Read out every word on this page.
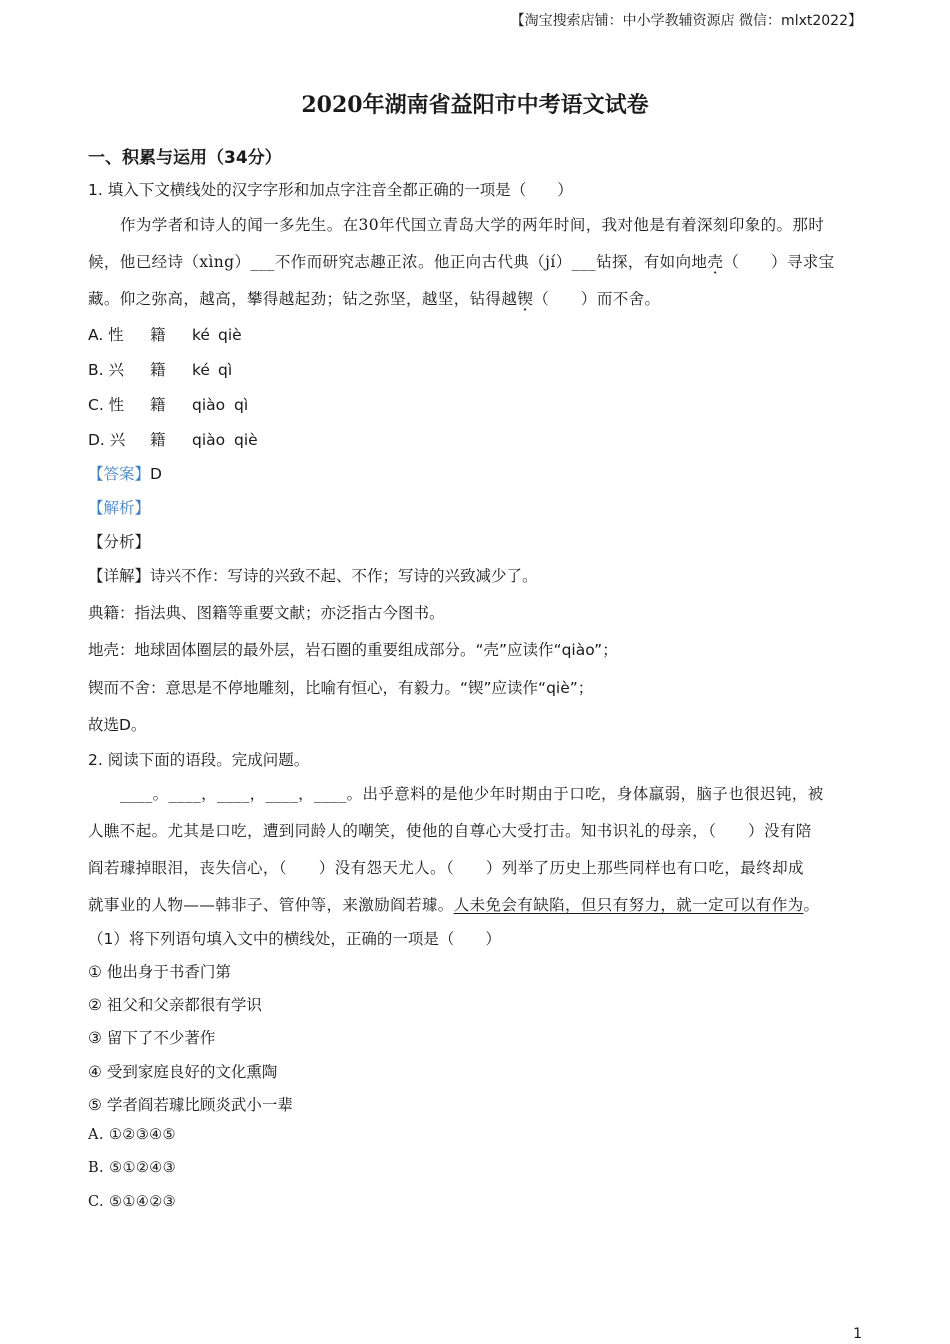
【淘宝搜索店铺：中小学教辅资源店 微信：mlxt2022】
2020年湖南省益阳市中考语文试卷
一、积累与运用（34分）
1. 填入下文横线处的汉字字形和加点字注音全都正确的一项是（　　）
作为学者和诗人的闻一多先生。在30年代国立青岛大学的两年时间，我对他是有着深刻印象的。那时
候，他已经诗（xìng）___不作而研究志趣正浓。他正向古代典（jí）___钻探，有如向地壳（　　）寻求宝
藏。仰之弥高，越高，攀得越起劲；钻之弥坚，越坚，钻得越锲（　　）而不舍。
A. 性 籍 ké qiè
B. 兴 籍 ké qì
C. 性 籍 qiào qì
D. 兴 籍 qiào qiè
【答案】D
【解析】
【分析】
【详解】诗兴不作：写诗的兴致不起、不作；写诗的兴致减少了。
典籍：指法典、图籍等重要文献；亦泛指古今图书。
地壳：地球固体圈层的最外层，岩石圈的重要组成部分。“壳”应读作“qiào”；
锲而不舍：意思是不停地雕刻，比喻有恒心，有毅力。“锲”应读作“qiè”；
故选D。
2. 阅读下面的语段。完成问题。
____。____，____，____，____。出乎意料的是他少年时期由于口吃，身体羸弱，脑子也很迟钝，被
人瞧不起。尤其是口吃，遭到同龄人的嘲笑，使他的自尊心大受打击。知书识礼的母亲，（　　）没有陪
阎若璩掉眼泪，丧失信心，（　　）没有怨天尤人。（　　）列举了历史上那些同样也有口吃，最终却成
就事业的人物——韩非子、管仲等，来激励阎若璩。人未免会有缺陷，但只有努力，就一定可以有作为。
（1）将下列语句填入文中的横线处，正确的一项是（　　）
① 他出身于书香门第
② 祖父和父亲都很有学识
③ 留下了不少著作
④ 受到家庭良好的文化熏陶
⑤ 学者阎若璩比顾炎武小一辈
A. ①②③④⑤
B. ⑤①②④③
C. ⑤①④②③
1
